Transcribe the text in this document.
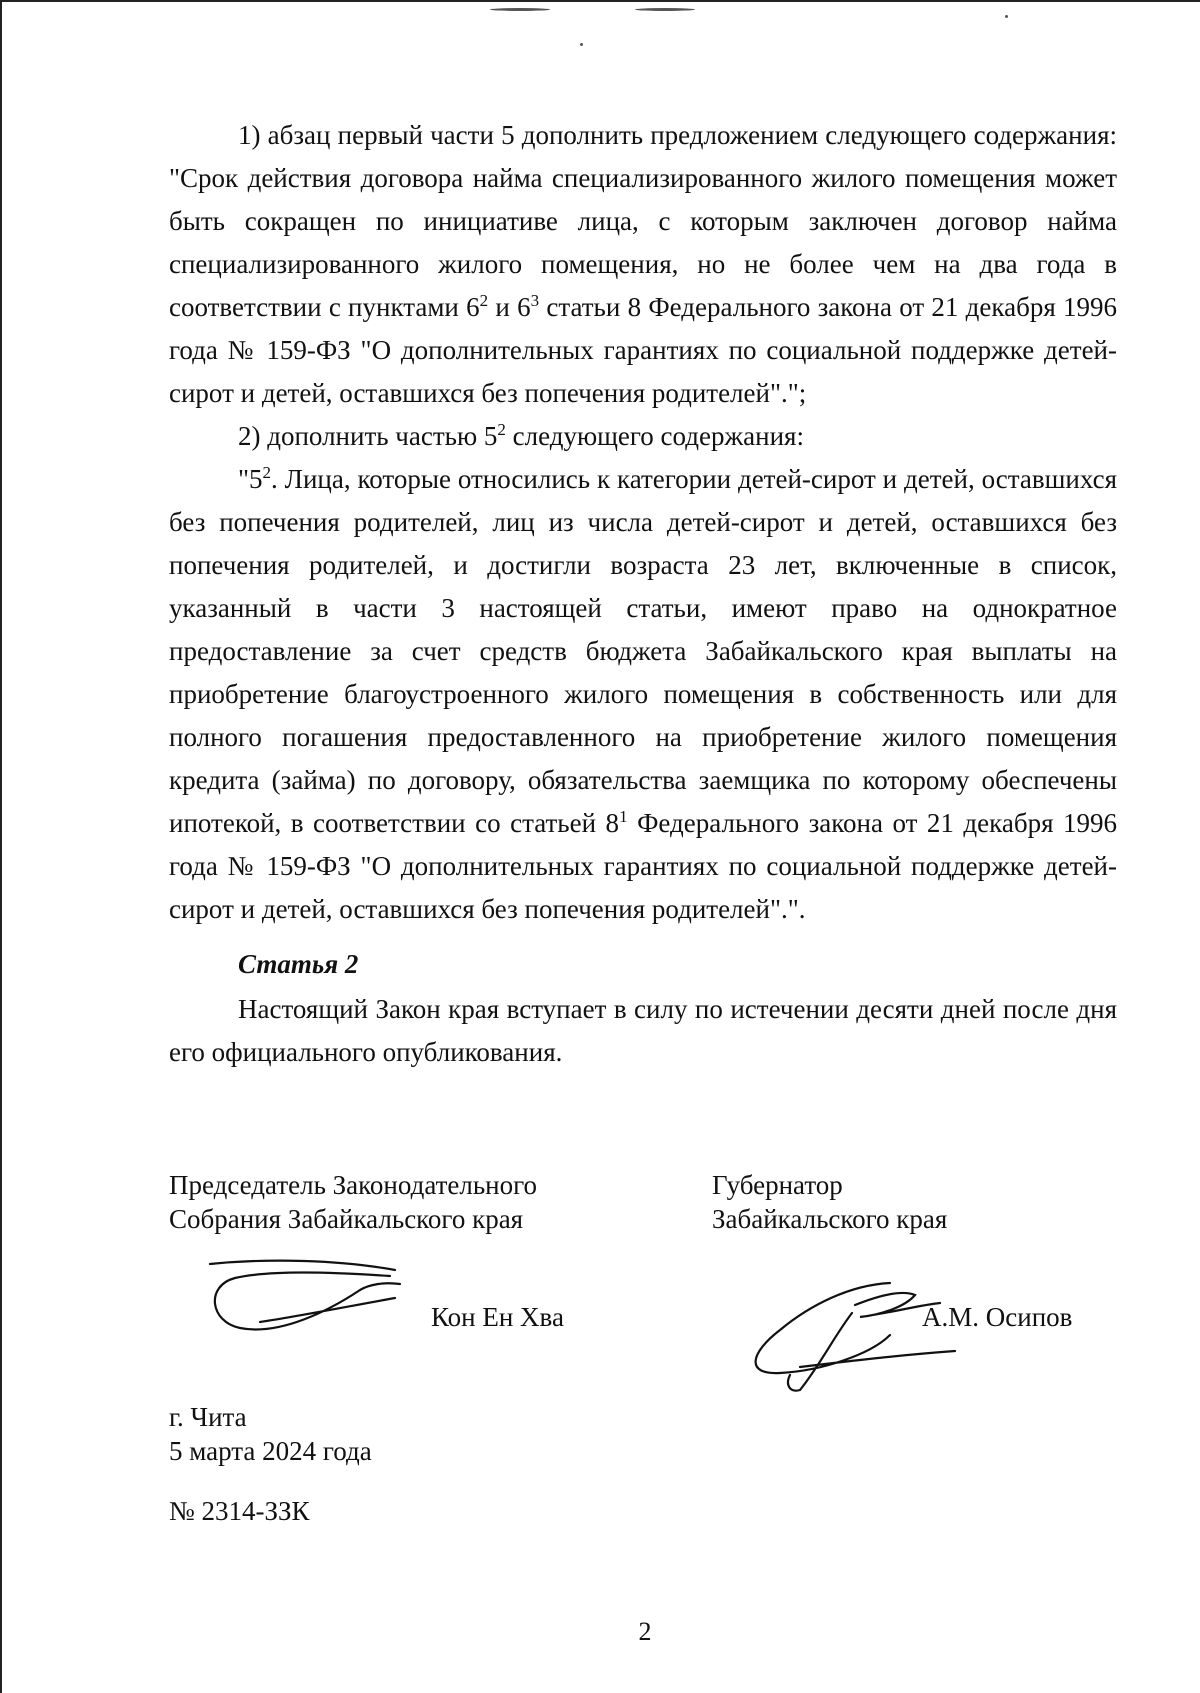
1) абзац первый части 5 дополнить предложением следующего содержания: "Срок действия договора найма специализированного жилого помещения может быть сокращен по инициативе лица, с которым заключен договор найма специализированного жилого помещения, но не более чем на два года в соответствии с пунктами $6^2$ и $6^3$ статьи 8 Федерального закона от 21 декабря 1996 года № 159-ФЗ "О дополнительных гарантиях по социальной поддержке детей-сирот и детей, оставшихся без попечения родителей".";

2) дополнить частью $5^2$ следующего содержания:

"$5^2$. Лица, которые относились к категории детей-сирот и детей, оставшихся без попечения родителей, лиц из числа детей-сирот и детей, оставшихся без попечения родителей, и достигли возраста 23 лет, включенные в список, указанный в части 3 настоящей статьи, имеют право на однократное предоставление за счет средств бюджета Забайкальского края выплаты на приобретение благоустроенного жилого помещения в собственность или для полного погашения предоставленного на приобретение жилого помещения кредита (займа) по договору, обязательства заемщика по которому обеспечены ипотекой, в соответствии со статьей $8^1$ Федерального закона от 21 декабря 1996 года № 159-ФЗ "О дополнительных гарантиях по социальной поддержке детей-сирот и детей, оставшихся без попечения родителей".".

Статья 2

Настоящий Закон края вступает в силу по истечении десяти дней после дня его официального опубликования.

Председатель Законодательного
Собрания Забайкальского края
Кон Ен Хва
Губернатор
Забайкальского края
А.М. Осипов
г. Чита
5 марта 2024 года
№ 2314-ЗЗК
2
